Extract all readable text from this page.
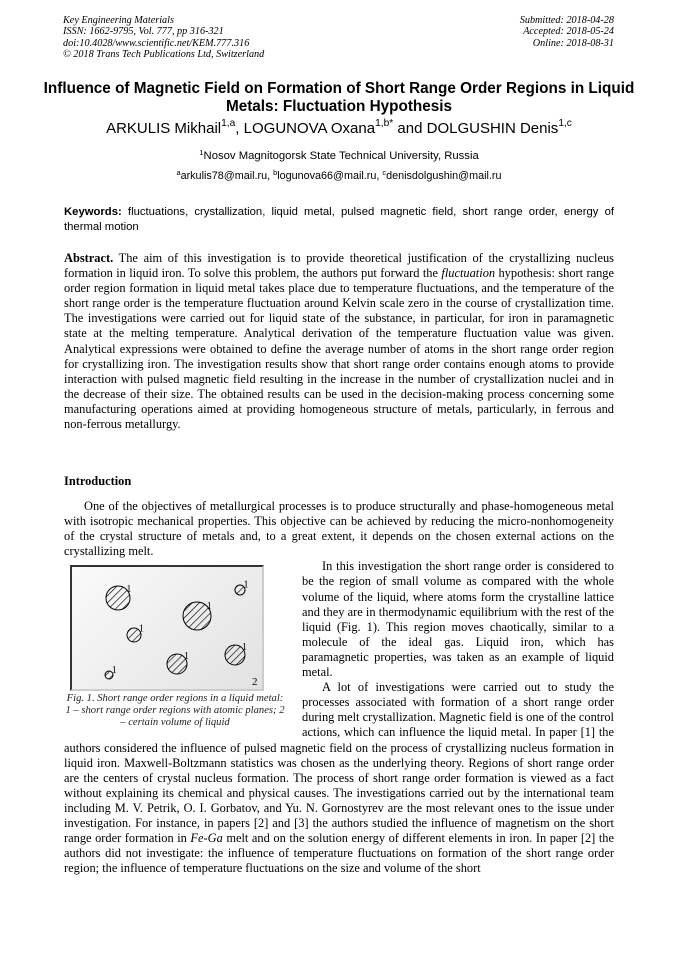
Key Engineering Materials
ISSN: 1662-9795, Vol. 777, pp 316-321
doi:10.4028/www.scientific.net/KEM.777.316
© 2018 Trans Tech Publications Ltd, Switzerland
Submitted: 2018-04-28
Accepted: 2018-05-24
Online: 2018-08-31
Influence of Magnetic Field on Formation of Short Range Order Regions in Liquid Metals: Fluctuation Hypothesis
ARKULIS Mikhail$^{1,a}$, LOGUNOVA Oxana$^{1,b*}$ and DOLGUSHIN Denis$^{1,c}$
$^1$Nosov Magnitogorsk State Technical University, Russia
$^a$arkulis78@mail.ru, $^b$logunova66@mail.ru, $^c$denisdolgushin@mail.ru
Keywords: fluctuations, crystallization, liquid metal, pulsed magnetic field, short range order, energy of thermal motion
Abstract. The aim of this investigation is to provide theoretical justification of the crystallizing nucleus formation in liquid iron. To solve this problem, the authors put forward the fluctuation hypothesis: short range order region formation in liquid metal takes place due to temperature fluctuations, and the temperature of the short range order is the temperature fluctuation around Kelvin scale zero in the course of crystallization time. The investigations were carried out for liquid state of the substance, in particular, for iron in paramagnetic state at the melting temperature. Analytical derivation of the temperature fluctuation value was given. Analytical expressions were obtained to define the average number of atoms in the short range order region for crystallizing iron. The investigation results show that short range order contains enough atoms to provide interaction with pulsed magnetic field resulting in the increase in the number of crystallization nuclei and in the decrease of their size. The obtained results can be used in the decision-making process concerning some manufacturing operations aimed at providing homogeneous structure of metals, particularly, in ferrous and non-ferrous metallurgy.
Introduction

One of the objectives of metallurgical processes is to produce structurally and phase-homogeneous metal with isotropic mechanical properties. This objective can be achieved by reducing the micro-nonhomogeneity of the crystal structure of metals and, to a great extent, it depends on the chosen external actions on the crystallizing melt.

1	1
1
1
1
1
1
2
Fig. 1. Short range order regions in a liquid metal: 1 – short range order regions with atomic planes; 2 – certain volume of liquid

In this investigation the short range order is considered to be the region of small volume as compared with the whole volume of the liquid, where atoms form the crystalline lattice and they are in thermodynamic equilibrium with the rest of the liquid (Fig. 1). This region moves chaotically, similar to a molecule of the ideal gas. Liquid iron, which has paramagnetic properties, was taken as an example of liquid metal.

A lot of investigations were carried out to study the processes associated with formation of a short range order during melt crystallization. Magnetic field is one of the control actions, which can influence the liquid metal. In paper [1] the authors considered the influence of pulsed magnetic field on the process of crystallizing nucleus formation in liquid iron. Maxwell-Boltzmann statistics was chosen as the underlying theory. Regions of short range order are the centers of crystal nucleus formation. The process of short range order formation is viewed as a fact without explaining its chemical and physical causes. The investigations carried out by the international team including M. V. Petrik, O. I. Gorbatov, and Yu. N. Gornostyrev are the most relevant ones to the issue under investigation. For instance, in papers [2] and [3] the authors studied the influence of magnetism on the short range order formation in Fe-Ga melt and on the solution energy of different elements in iron. In paper [2] the authors did not investigate: the influence of temperature fluctuations on formation of the short range order region; the influence of temperature fluctuations on the size and volume of the short
